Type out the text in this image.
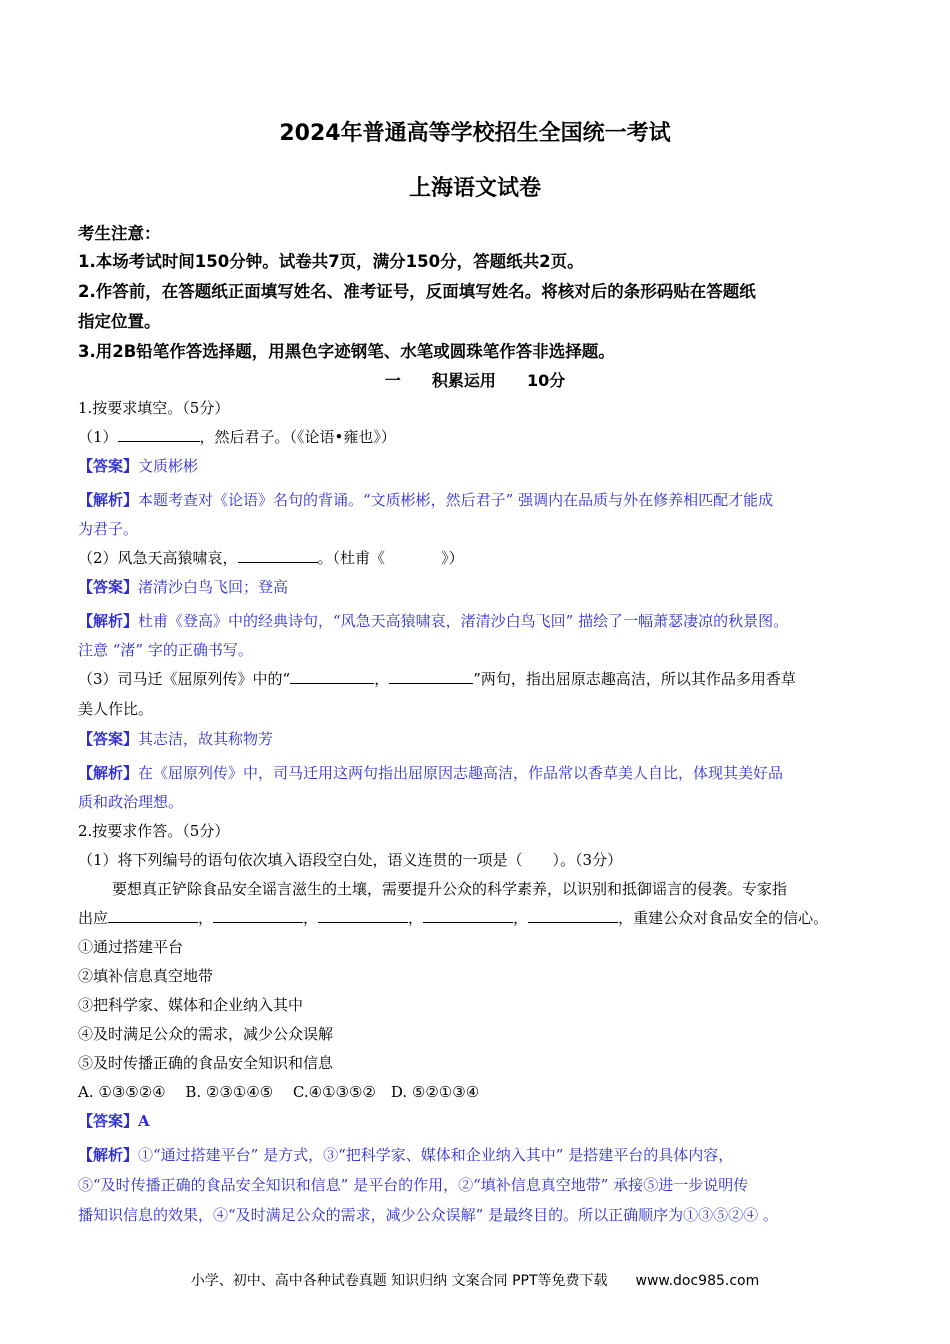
2024年普通高等学校招生全国统一考试
上海语文试卷
考生注意：
1.本场考试时间150分钟。试卷共7页，满分150分，答题纸共2页。
2.作答前，在答题纸正面填写姓名、准考证号，反面填写姓名。将核对后的条形码贴在答题纸
指定位置。
3.用2B铅笔作答选择题，用黑色字迹钢笔、水笔或圆珠笔作答非选择题。
一 积累运用 10分
1.按要求填空。（5分）
（1）	，然后君子。（《论语•雍也》）
【答案】文质彬彬
【解析】本题考查对《论语》名句的背诵。“文质彬彬，然后君子” 强调内在品质与外在修养相匹配才能成
为君子。
（2）风急天高猿啸哀，	。（杜甫《	》）
【答案】渚清沙白鸟飞回；登高
【解析】杜甫《登高》中的经典诗句，“风急天高猿啸哀，渚清沙白鸟飞回” 描绘了一幅萧瑟凄凉的秋景图。
注意 “渚” 字的正确书写。
（3）司马迁《屈原列传》中的“	，	”两句，指出屈原志趣高洁，所以其作品多用香草
美人作比。
【答案】其志洁，故其称物芳
【解析】在《屈原列传》中，司马迁用这两句指出屈原因志趣高洁，作品常以香草美人自比，体现其美好品
质和政治理想。
2.按要求作答。（5分）
（1）将下列编号的语句依次填入语段空白处，语义连贯的一项是（　　）。（3分）
要想真正铲除食品安全谣言滋生的土壤，需要提升公众的科学素养，以识别和抵御谣言的侵袭。专家指
出应	，	，	，	，	，重建公众对食品安全的信心。
①通过搭建平台
②填补信息真空地带
③把科学家、媒体和企业纳入其中
④及时满足公众的需求，减少公众误解
⑤及时传播正确的食品安全知识和信息
A. ①③⑤②④　 B. ②③①④⑤　 C.④①③⑤②　D. ⑤②①③④
【答案】A
【解析】①“通过搭建平台” 是方式，③“把科学家、媒体和企业纳入其中” 是搭建平台的具体内容，
⑤“及时传播正确的食品安全知识和信息” 是平台的作用，②“填补信息真空地带” 承接⑤进一步说明传
播知识信息的效果，④“及时满足公众的需求，减少公众误解” 是最终目的。所以正确顺序为①③⑤②④ 。
小学、初中、高中各种试卷真题 知识归纳 文案合同 PPT等免费下载　　www.doc985.com
